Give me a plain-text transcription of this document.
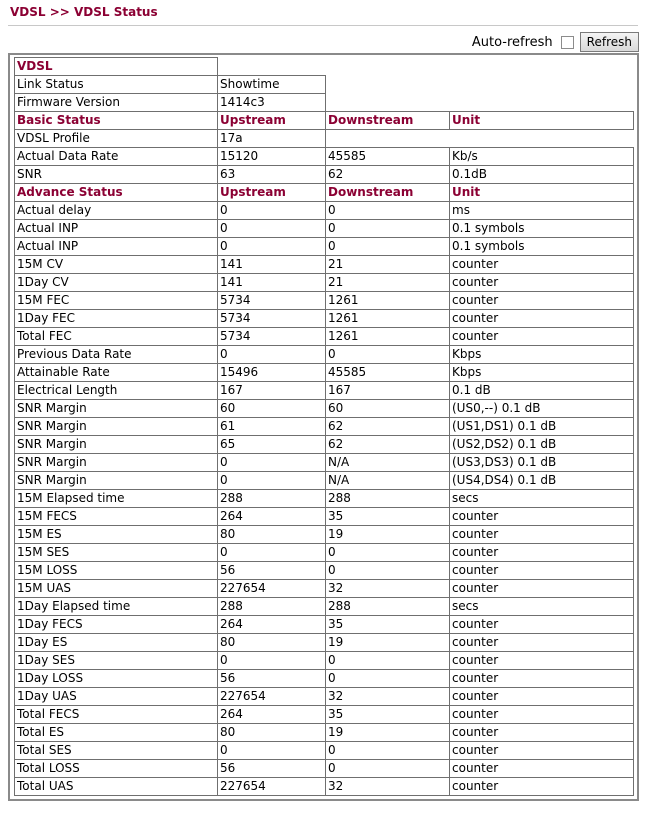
VDSL >> VDSL Status
Auto-refresh	Refresh
VDSL			
Link Status	Showtime		
Firmware Version	1414c3		
Basic Status	Upstream	Downstream	Unit
VDSL Profile	17a		
Actual Data Rate	15120	45585	Kb/s
SNR	63	62	0.1dB
Advance Status	Upstream	Downstream	Unit
Actual delay	0	0	ms
Actual INP	0	0	0.1 symbols
Actual INP	0	0	0.1 symbols
15M CV	141	21	counter
1Day CV	141	21	counter
15M FEC	5734	1261	counter
1Day FEC	5734	1261	counter
Total FEC	5734	1261	counter
Previous Data Rate	0	0	Kbps
Attainable Rate	15496	45585	Kbps
Electrical Length	167	167	0.1 dB
SNR Margin	60	60	(US0,--) 0.1 dB
SNR Margin	61	62	(US1,DS1) 0.1 dB
SNR Margin	65	62	(US2,DS2) 0.1 dB
SNR Margin	0	N/A	(US3,DS3) 0.1 dB
SNR Margin	0	N/A	(US4,DS4) 0.1 dB
15M Elapsed time	288	288	secs
15M FECS	264	35	counter
15M ES	80	19	counter
15M SES	0	0	counter
15M LOSS	56	0	counter
15M UAS	227654	32	counter
1Day Elapsed time	288	288	secs
1Day FECS	264	35	counter
1Day ES	80	19	counter
1Day SES	0	0	counter
1Day LOSS	56	0	counter
1Day UAS	227654	32	counter
Total FECS	264	35	counter
Total ES	80	19	counter
Total SES	0	0	counter
Total LOSS	56	0	counter
Total UAS	227654	32	counter
